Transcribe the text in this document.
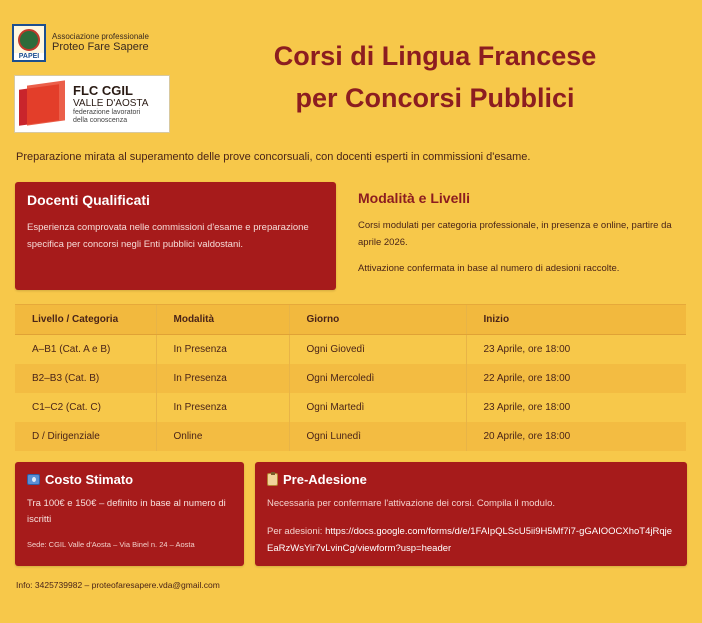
PAPEI
Associazione professionale
Proteo Fare Sapere
FLC CGIL
VALLE D'AOSTA
federazione lavoratori
della conoscenza
Corsi di Lingua Francese
per Concorsi Pubblici
Preparazione mirata al superamento delle prove concorsuali, con docenti esperti in commissioni d'esame.
Docenti Qualificati
Esperienza comprovata nelle commissioni d'esame e preparazione specifica per concorsi negli Enti pubblici valdostani.
Modalità e Livelli

Corsi modulati per categoria professionale, in presenza e online, partire da aprile 2026.

Attivazione confermata in base al numero di adesioni raccolte.

Livello / Categoria	Modalità	Giorno	Inizio
A–B1 (Cat. A e B)	In Presenza	Ogni Giovedì	23 Aprile, ore 18:00
B2–B3 (Cat. B)	In Presenza	Ogni Mercoledì	22 Aprile, ore 18:00
C1–C2 (Cat. C)	In Presenza	Ogni Martedì	23 Aprile, ore 18:00
D / Dirigenziale	Online	Ogni Lunedì	20 Aprile, ore 18:00
Costo Stimato
Tra 100€ e 150€ – definito in base al numero di iscritti
Sede: CGIL Valle d'Aosta – Via Binel n. 24 – Aosta
Pre-Adesione
Necessaria per confermare l'attivazione dei corsi. Compila il modulo.
Per adesioni: https://docs.google.com/forms/d/e/1FAIpQLScU5ii9H5Mf7i7-gGAIOOCXhoT4jRqjeEaRzWsYir7vLvinCg/viewform?usp=header
Info: 3425739982 – proteofaresapere.vda@gmail.com
